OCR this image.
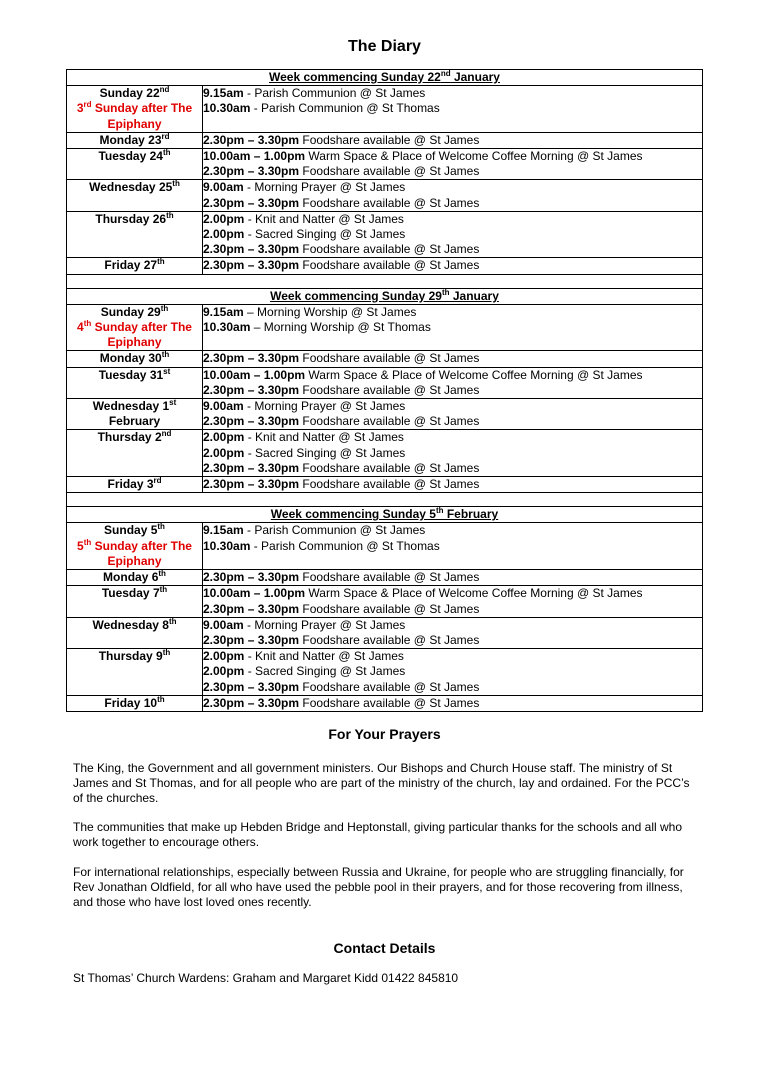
The Diary
Week commencing Sunday 22nd January	

Sunday 22nd
3rd Sunday after The Epiphany	9.15am - Parish Communion @ St James
10.30am - Parish Communion @ St Thomas

Monday 23rd	2.30pm – 3.30pm Foodshare available @ St James

Tuesday 24th	10.00am – 1.00pm Warm Space & Place of Welcome Coffee Morning @ St James
2.30pm – 3.30pm Foodshare available @ St James

Wednesday 25th	9.00am - Morning Prayer @ St James
2.30pm – 3.30pm Foodshare available @ St James

Thursday 26th	2.00pm - Knit and Natter @ St James
2.00pm - Sacred Singing @ St James
2.30pm – 3.30pm Foodshare available @ St James

Friday 27th	2.30pm – 3.30pm Foodshare available @ St James

Week commencing Sunday 29th January	

Sunday 29th
4th Sunday after The Epiphany	9.15am – Morning Worship @ St James
10.30am – Morning Worship @ St Thomas

Monday 30th	2.30pm – 3.30pm Foodshare available @ St James

Tuesday 31st	10.00am – 1.00pm Warm Space & Place of Welcome Coffee Morning @ St James
2.30pm – 3.30pm Foodshare available @ St James

Wednesday 1st
February	9.00am - Morning Prayer @ St James
2.30pm – 3.30pm Foodshare available @ St James

Thursday 2nd	2.00pm - Knit and Natter @ St James
2.00pm - Sacred Singing @ St James
2.30pm – 3.30pm Foodshare available @ St James

Friday 3rd	2.30pm – 3.30pm Foodshare available @ St James

Week commencing Sunday 5th February	

Sunday 5th
5th Sunday after The Epiphany	9.15am - Parish Communion @ St James
10.30am - Parish Communion @ St Thomas

Monday 6th	2.30pm – 3.30pm Foodshare available @ St James

Tuesday 7th	10.00am – 1.00pm Warm Space & Place of Welcome Coffee Morning @ St James
2.30pm – 3.30pm Foodshare available @ St James

Wednesday 8th	9.00am - Morning Prayer @ St James
2.30pm – 3.30pm Foodshare available @ St James

Thursday 9th	2.00pm - Knit and Natter @ St James
2.00pm - Sacred Singing @ St James
2.30pm – 3.30pm Foodshare available @ St James

Friday 10th	2.30pm – 3.30pm Foodshare available @ St James
For Your Prayers
The King, the Government and all government ministers. Our Bishops and Church House staff. The ministry of St James and St Thomas, and for all people who are part of the ministry of the church, lay and ordained. For the PCC’s of the churches.
The communities that make up Hebden Bridge and Heptonstall, giving particular thanks for the schools and all who work together to encourage others.
For international relationships, especially between Russia and Ukraine, for people who are struggling financially, for Rev Jonathan Oldfield, for all who have used the pebble pool in their prayers, and for those recovering from illness, and those who have lost loved ones recently.
Contact Details
St Thomas’ Church Wardens: Graham and Margaret Kidd 01422 845810
